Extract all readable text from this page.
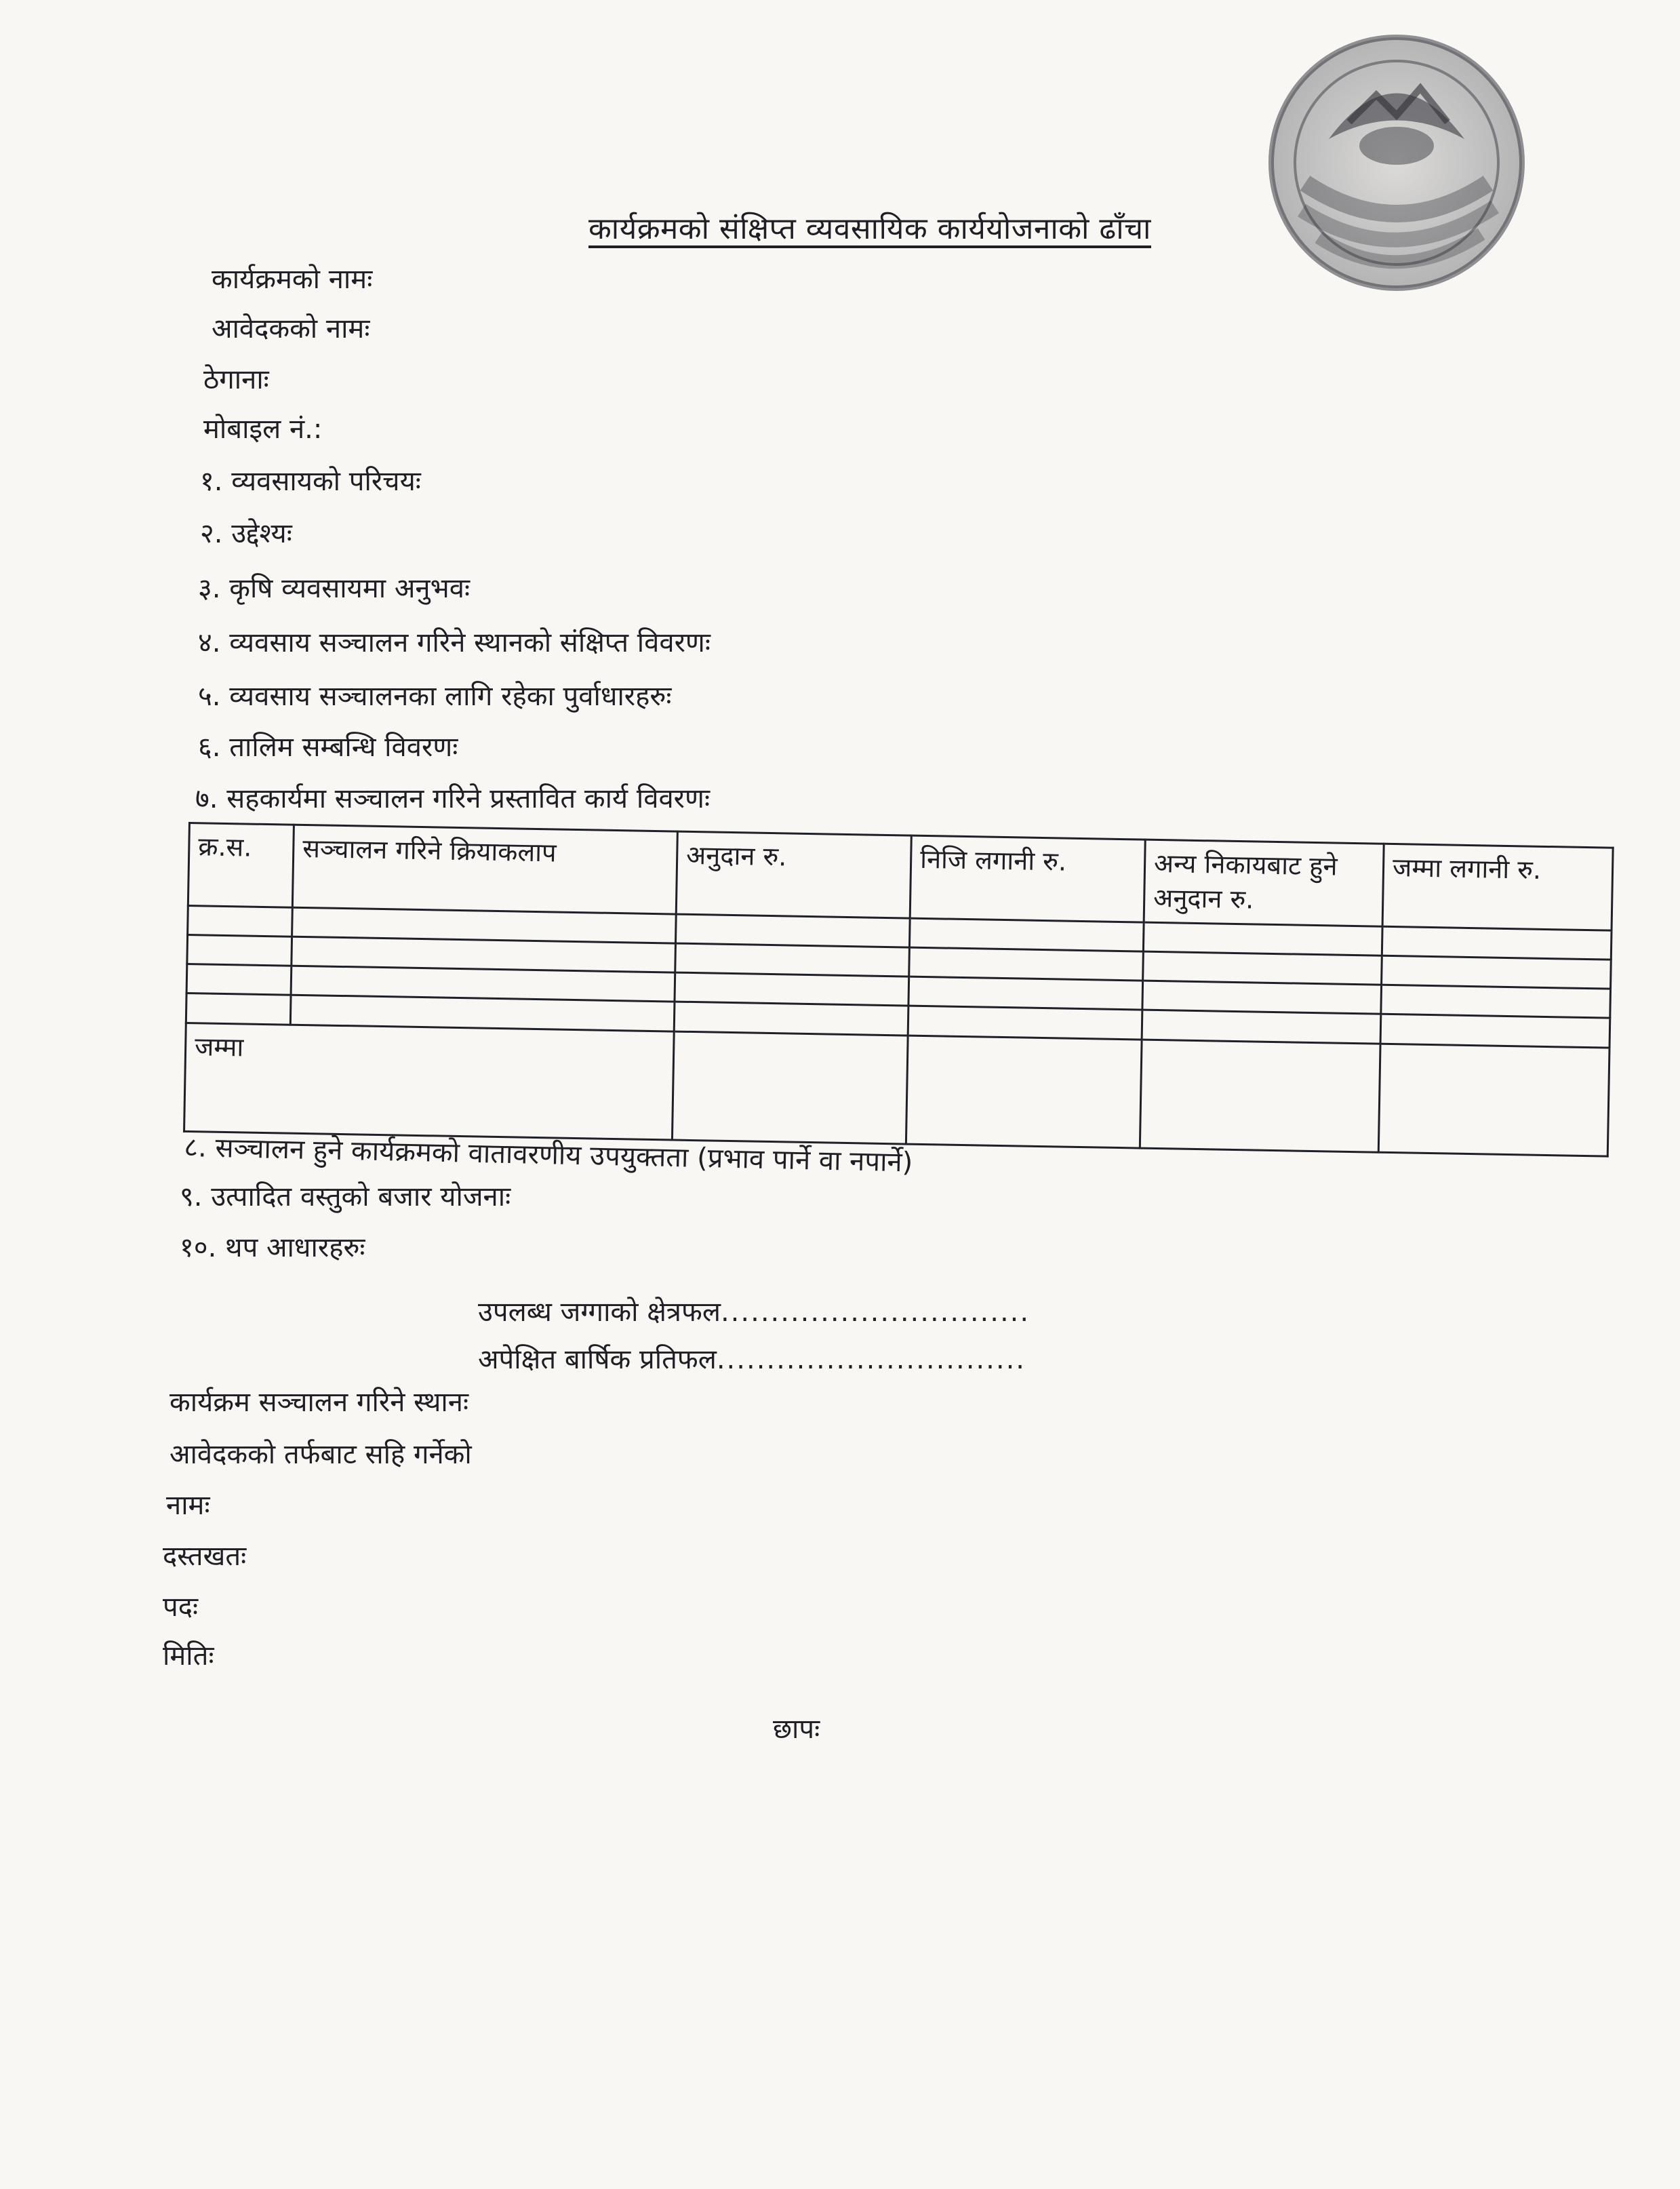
कार्यक्रमको संक्षिप्त व्यवसायिक कार्ययोजनाको ढाँचा
कार्यक्रमको नामः
आवेदकको नामः
ठेगानाः
मोबाइल नं.:
१. व्यवसायको परिचयः
२. उद्देश्यः
३. कृषि व्यवसायमा अनुभवः
४. व्यवसाय सञ्चालन गरिने स्थानको संक्षिप्त विवरणः
५. व्यवसाय सञ्चालनका लागि रहेका पुर्वाधारहरुः
६. तालिम सम्बन्धि विवरणः
७. सहकार्यमा सञ्चालन गरिने प्रस्तावित कार्य विवरणः
क्र.स.	सञ्चालन गरिने क्रियाकलाप	अनुदान रु.	निजि लगानी रु.	अन्य निकायबाट हुने अनुदान रु.	जम्मा लगानी रु.

जम्मा					
८. सञ्चालन हुने कार्यक्रमको वातावरणीय उपयुक्तता (प्रभाव पार्ने वा नपार्ने)
९. उत्पादित वस्तुको बजार योजनाः
१०. थप आधारहरुः
उपलब्ध जग्गाको क्षेत्रफल...............................
अपेक्षित बार्षिक प्रतिफल...............................
कार्यक्रम सञ्चालन गरिने स्थानः
आवेदकको तर्फबाट सहि गर्नेको
नामः
दस्तखतः
पदः
मितिः
छापः
